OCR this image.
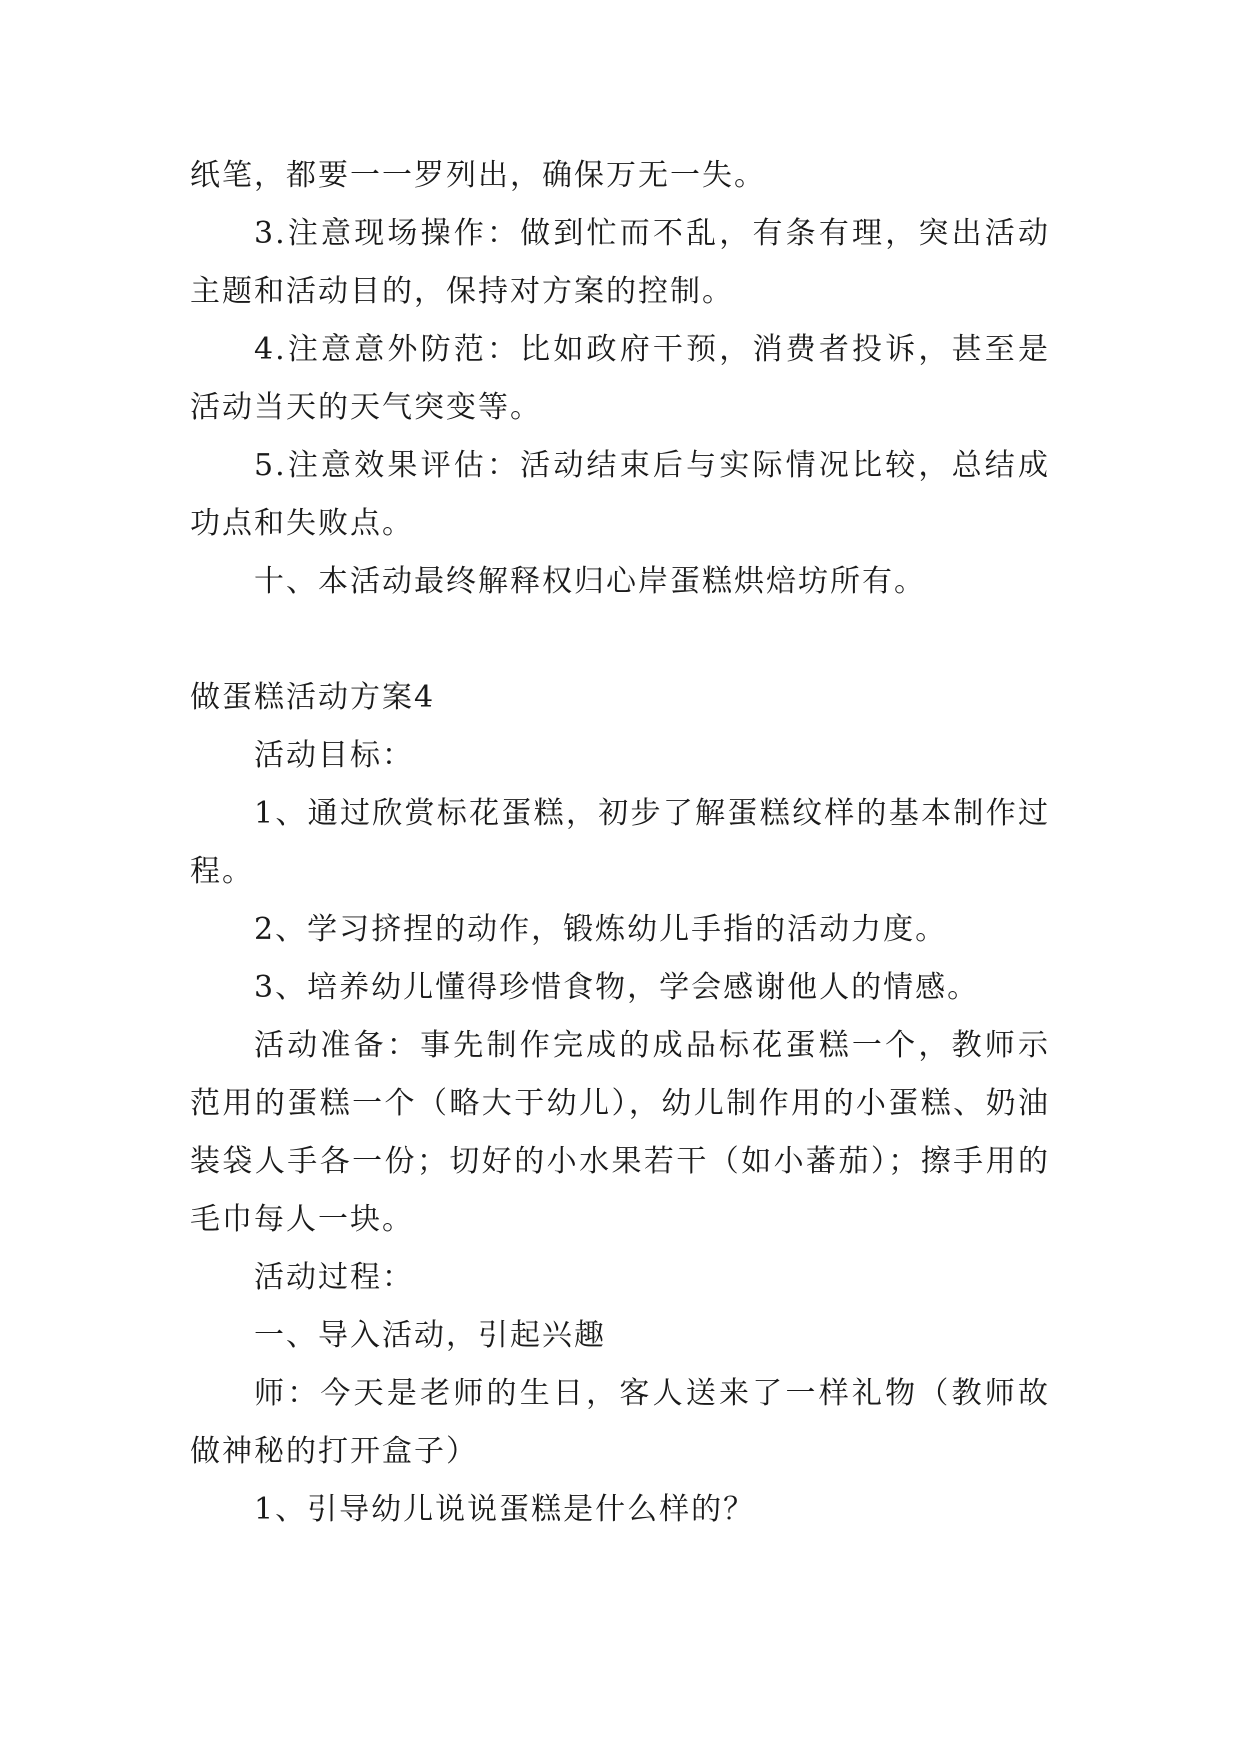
纸笔，都要一一罗列出，确保万无一失。

3.注意现场操作：做到忙而不乱，有条有理，突出活动主题和活动目的，保持对方案的控制。

4.注意意外防范：比如政府干预，消费者投诉，甚至是活动当天的天气突变等。

5.注意效果评估：活动结束后与实际情况比较，总结成功点和失败点。

十、本活动最终解释权归心岸蛋糕烘焙坊所有。

做蛋糕活动方案4

活动目标：

1、通过欣赏标花蛋糕，初步了解蛋糕纹样的基本制作过程。

2、学习挤捏的动作，锻炼幼儿手指的活动力度。

3、培养幼儿懂得珍惜食物，学会感谢他人的情感。

活动准备：事先制作完成的成品标花蛋糕一个，教师示范用的蛋糕一个（略大于幼儿），幼儿制作用的小蛋糕、奶油装袋人手各一份；切好的小水果若干（如小蕃茄）；擦手用的毛巾每人一块。

活动过程：

一、导入活动，引起兴趣

师：今天是老师的生日，客人送来了一样礼物（教师故做神秘的打开盒子）

1、引导幼儿说说蛋糕是什么样的？
